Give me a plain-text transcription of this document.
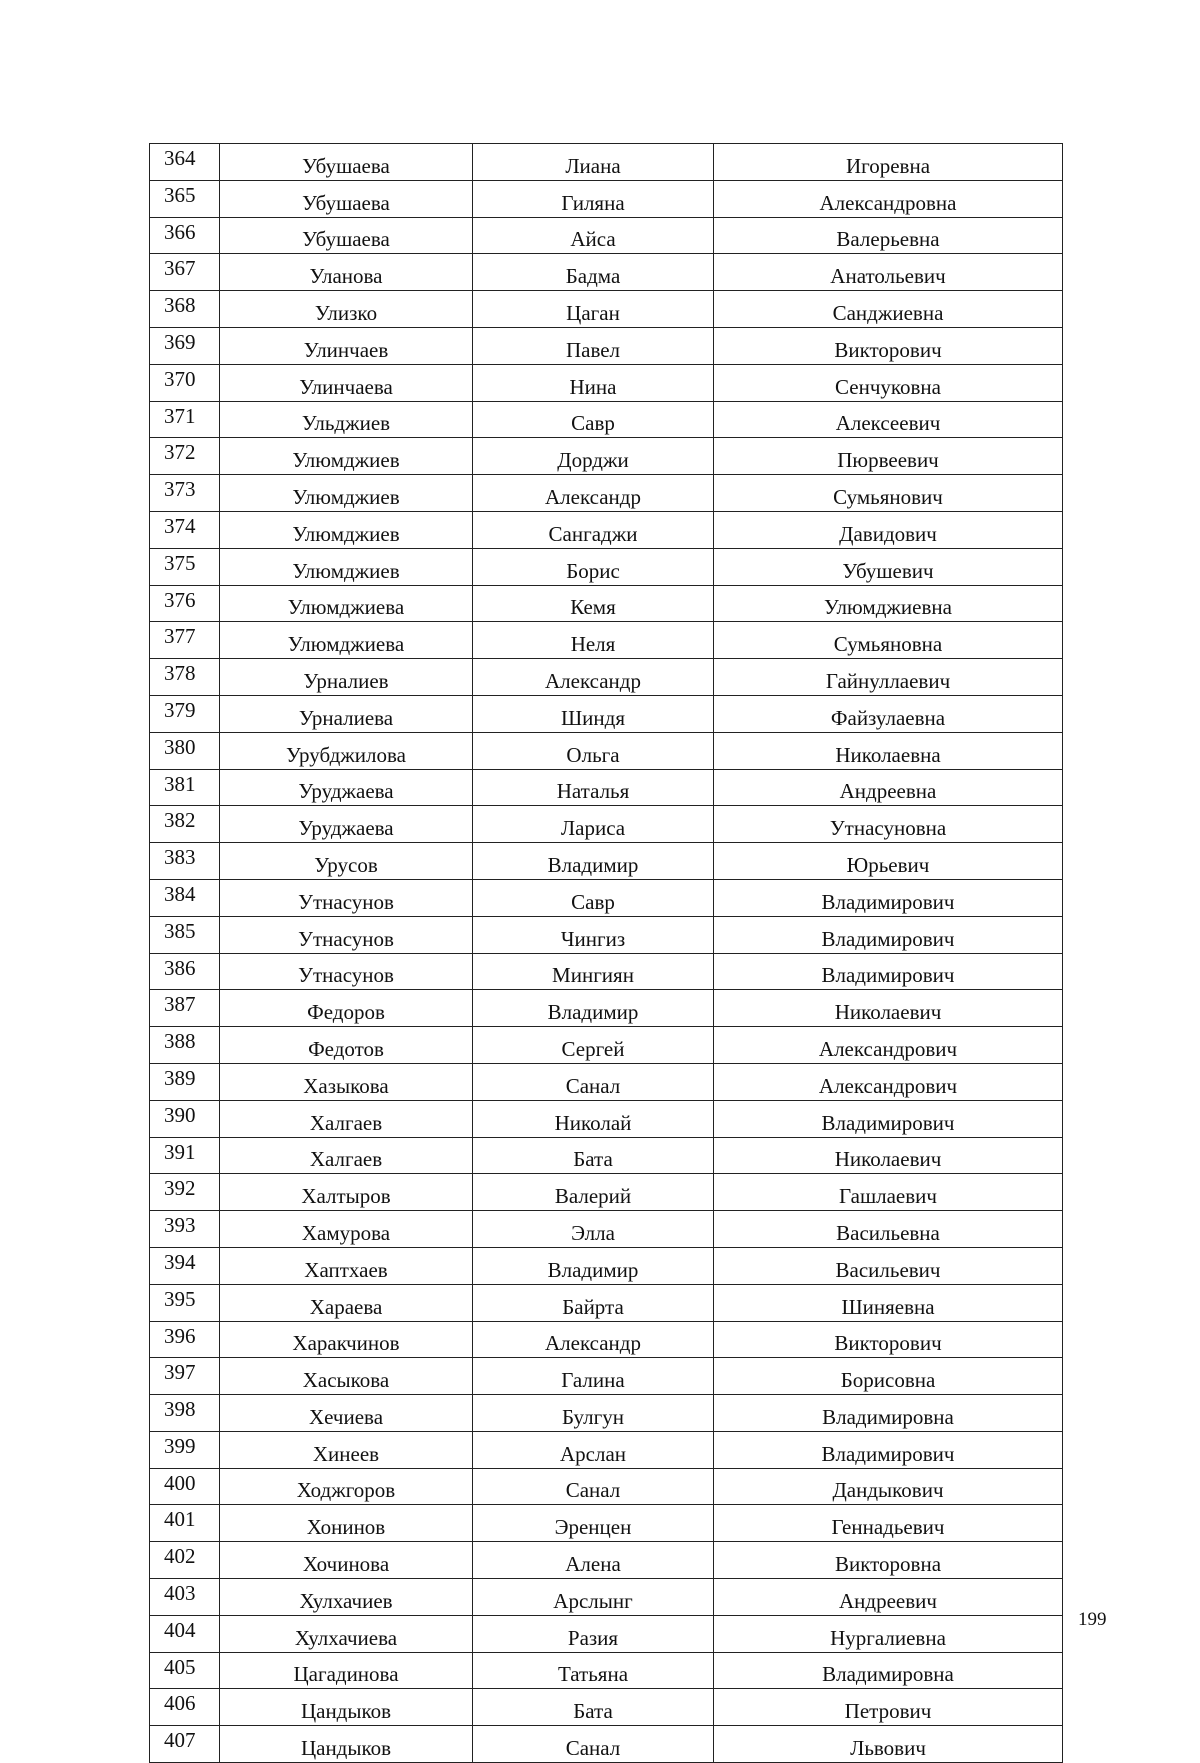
364	Убушаева	Лиана	Игоревна
365	Убушаева	Гиляна	Александровна
366	Убушаева	Айса	Валерьевна
367	Уланова	Бадма	Анатольевич
368	Улизко	Цаган	Санджиевна
369	Улинчаев	Павел	Викторович
370	Улинчаева	Нина	Сенчуковна
371	Ульджиев	Савр	Алексеевич
372	Улюмджиев	Дорджи	Пюрвеевич
373	Улюмджиев	Александр	Сумьянович
374	Улюмджиев	Сангаджи	Давидович
375	Улюмджиев	Борис	Убушевич
376	Улюмджиева	Кемя	Улюмджиевна
377	Улюмджиева	Неля	Сумьяновна
378	Урналиев	Александр	Гайнуллаевич
379	Урналиева	Шиндя	Файзулаевна
380	Урубджилова	Ольга	Николаевна
381	Уруджаева	Наталья	Андреевна
382	Уруджаева	Лариса	Утнасуновна
383	Урусов	Владимир	Юрьевич
384	Утнасунов	Савр	Владимирович
385	Утнасунов	Чингиз	Владимирович
386	Утнасунов	Мингиян	Владимирович
387	Федоров	Владимир	Николаевич
388	Федотов	Сергей	Александрович
389	Хазыкова	Санал	Александрович
390	Халгаев	Николай	Владимирович
391	Халгаев	Бата	Николаевич
392	Халтыров	Валерий	Гашлаевич
393	Хамурова	Элла	Васильевна
394	Хаптхаев	Владимир	Васильевич
395	Хараева	Байрта	Шиняевна
396	Харакчинов	Александр	Викторович
397	Хасыкова	Галина	Борисовна
398	Хечиева	Булгун	Владимировна
399	Хинеев	Арслан	Владимирович
400	Ходжгоров	Санал	Дандыкович
401	Хонинов	Эренцен	Геннадьевич
402	Хочинова	Алена	Викторовна
403	Хулхачиев	Арслынг	Андреевич
404	Хулхачиева	Разия	Нургалиевна
405	Цагадинова	Татьяна	Владимировна
406	Цандыков	Бата	Петрович
407	Цандыков	Санал	Львович
199
